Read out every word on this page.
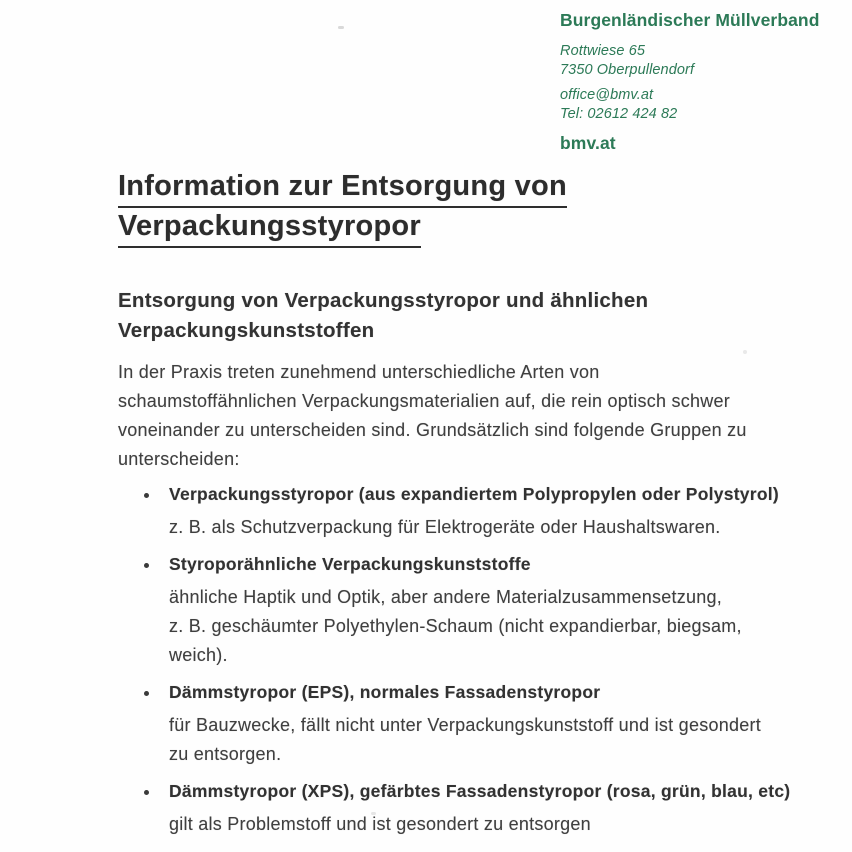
Burgenländischer Müllverband
Rottwiese 65
7350 Oberpullendorf
office@bmv.at
Tel: 02612 424 82
bmv.at
Information zur Entsorgung von
Verpackungsstyropor
Entsorgung von Verpackungsstyropor und ähnlichen Verpackungskunststoffen
In der Praxis treten zunehmend unterschiedliche Arten von
schaumstoffähnlichen Verpackungsmaterialien auf, die rein optisch schwer
voneinander zu unterscheiden sind. Grundsätzlich sind folgende Gruppen zu
unterscheiden:
Verpackungsstyropor (aus expandiertem Polypropylen oder Polystyrol)
z. B. als Schutzverpackung für Elektrogeräte oder Haushaltswaren.
Styroporähnliche Verpackungskunststoffe
ähnliche Haptik und Optik, aber andere Materialzusammensetzung,
z. B. geschäumter Polyethylen-Schaum (nicht expandierbar, biegsam,
weich).
Dämmstyropor (EPS), normales Fassadenstyropor
für Bauzwecke, fällt nicht unter Verpackungskunststoff und ist gesondert
zu entsorgen.
Dämmstyropor (XPS), gefärbtes Fassadenstyropor (rosa, grün, blau, etc)
gilt als Problemstoff und ist gesondert zu entsorgen
